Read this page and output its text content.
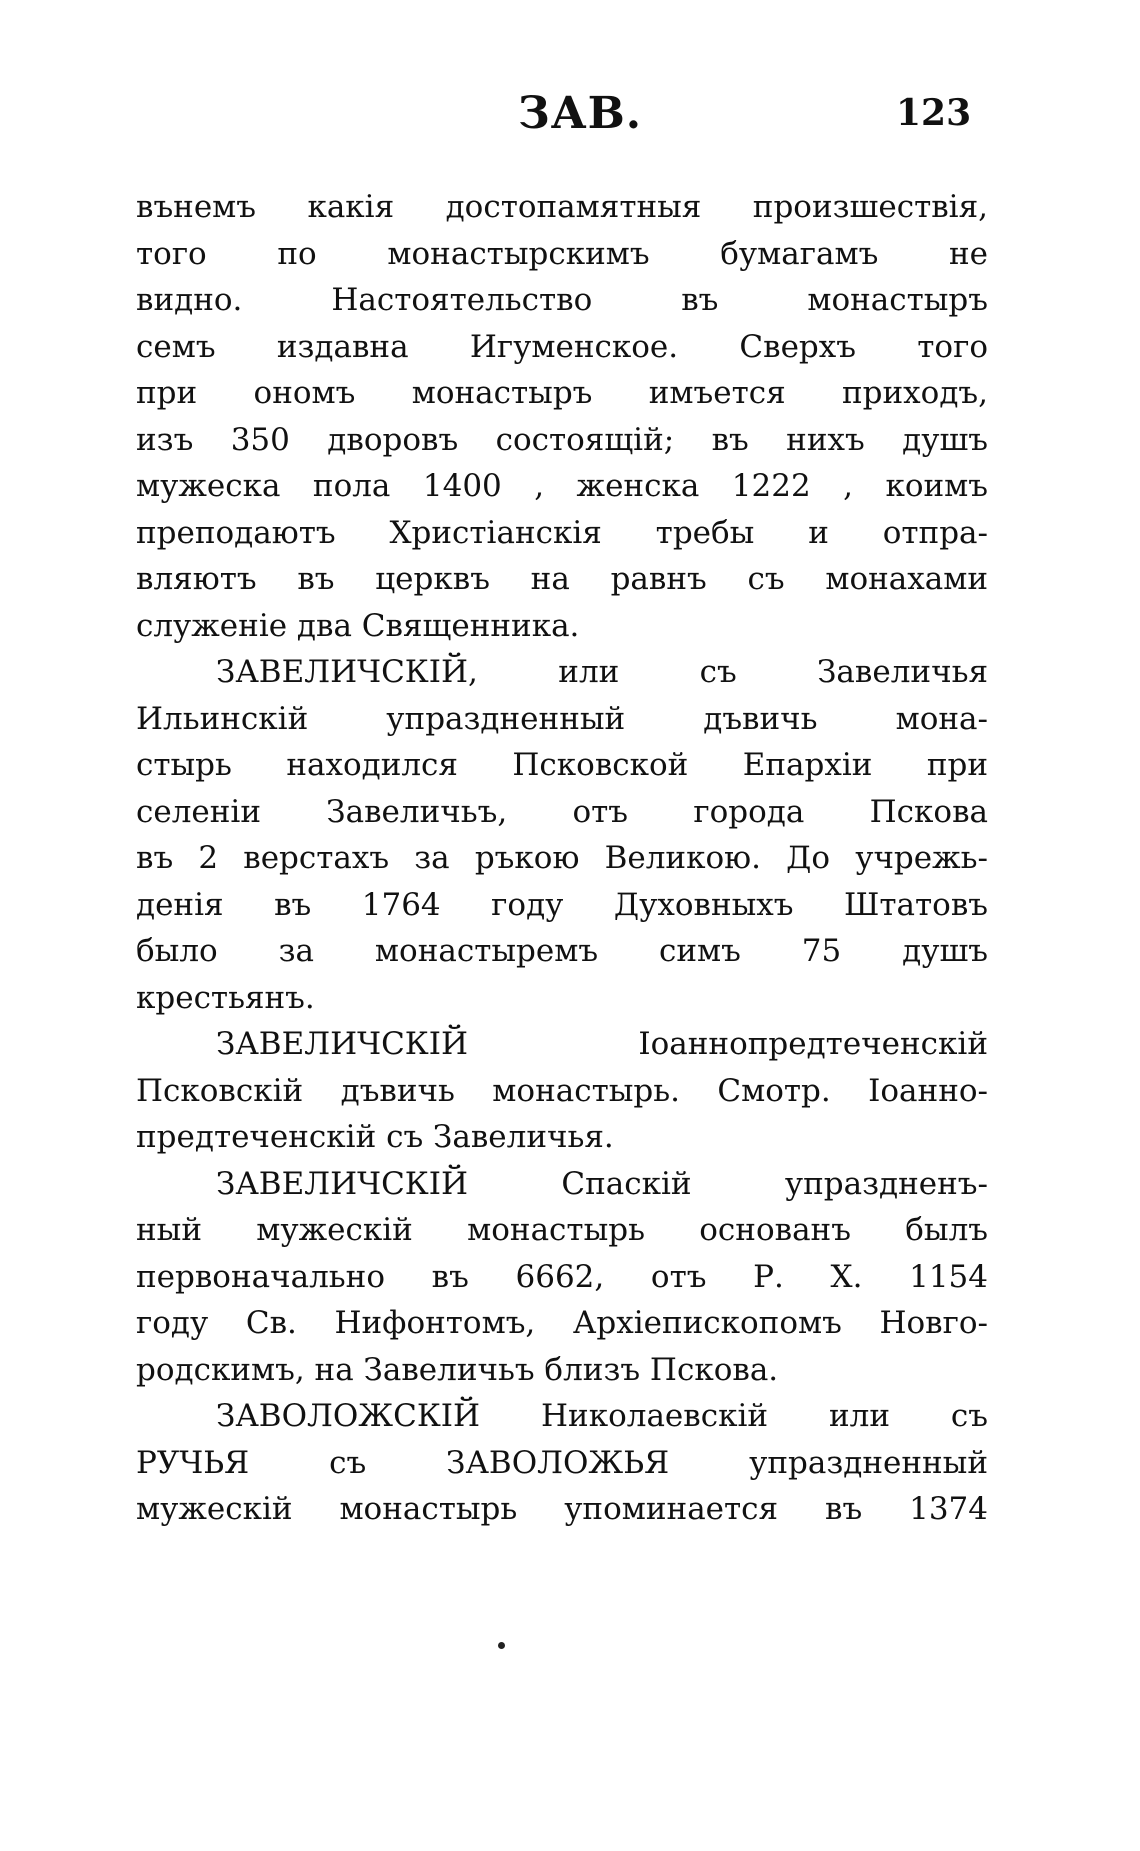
ЗАВ.	123
вънемъ какія достопамятныя произшествія,
того по монастырскимъ бумагамъ не
видно. Настоятельство въ монастыръ
семъ издавна Игуменское. Сверхъ того
при ономъ монастыръ имъется приходъ,
изъ 350 дворовъ состоящій; въ нихъ душъ
мужеска пола 1400 , женска 1222 , коимъ
преподаютъ Христіанскія требы и отпра-
вляютъ въ церквъ на равнъ съ монахами
служеніе два Священника.
ЗАВЕЛИЧСКІЙ, или съ Завеличья
Ильинскій упраздненный дъвичь мона-
стырь находился Псковской Епархіи при
селеніи Завеличьъ, отъ города Пскова
въ 2 верстахъ за ръкою Великою. До учрежь-
денія въ 1764 году Духовныхъ Штатовъ
было за монастыремъ симъ 75 душъ
крестьянъ.
ЗАВЕЛИЧСКІЙ Іоаннопредтеченскій
Псковскій дъвичь монастырь. Смотр. Іоанно-
предтеченскій съ Завеличья.
ЗАВЕЛИЧСКІЙ Спаскій упраздненъ-
ный мужескій монастырь основанъ былъ
первоначально въ 6662, отъ Р. Х. 1154
году Св. Нифонтомъ, Архіепископомъ Новго-
родскимъ, на Завеличьъ близъ Пскова.
ЗАВОЛОЖСКІЙ Николаевскій или съ
РУЧЬЯ съ ЗАВОЛОЖЬЯ упраздненный
мужескій монастырь упоминается въ 1374
